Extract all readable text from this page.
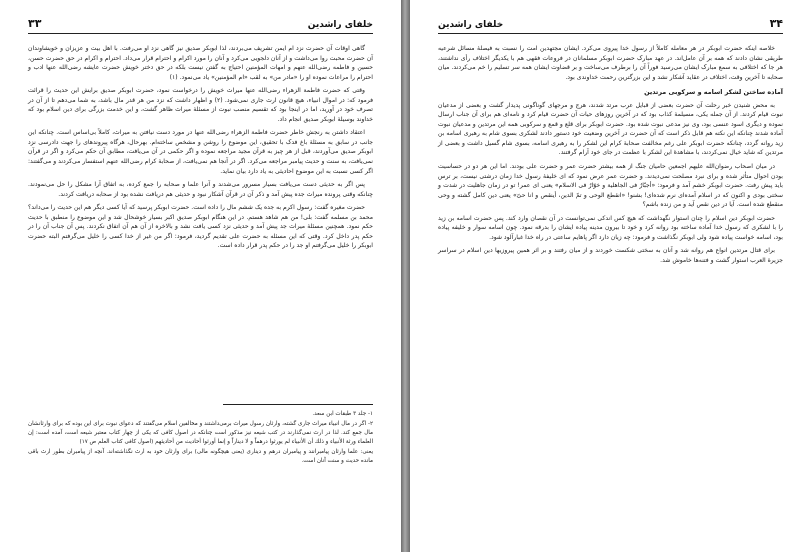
خلفای راشدین
۳۳

گاهی اوقات آن حضرت نزد ام ایمن تشریف می‌بردند، لذا ابوبکر صدیق نیز گاهی نزد او می‌رفت. با اهل بیت و عزیزان و خویشاوندان آن حضرت محبت روا می‌داشت و از آنان دلجویی می‌کرد و آنان را مورد اکرام و احترام قرار می‌داد. احترام و اکرام در حق حضرت حسن، حسین و فاطمه رضی‌الله عنهم و امهات المؤمنین احتیاج به گفتن نیست بلکه در حق دختر خویش حضرت عایشه رضی‌الله عنها ادب و احترام را مراعات نموده او را «مادر من» به لقب «ام المؤمنین» یاد می‌نمود. (۱)

وقتی که حضرت فاطمة الزهراء رضی‌الله عنها میراث خویش را درخواست نمود، حضرت ابوبکر صدیق برایش این حدیث را قرائت فرمود که: در اموال انبیاء، هیچ قانون ارث جاری نمی‌شود. (۲) و اظهار داشت که نزد من هر قدر مال باشد، به شما می‌دهم تا از آن در تصرف خود در آورید، اما در اینجا بود که تقسیم منصب نبوت از مسئلهٔ میراث ظاهر گشت، و این خدمت بزرگی برای دین اسلام بود که خداوند بوسیلهٔ ابوبکر صدیق انجام داد.

اعتقاد داشتن به رنجش خاطر حضرت فاطمة الزهراء رضی‌الله عنها در مورد دست نیافتن به میراث، کاملاً بی‌اساس است. چنانکه این جانب در سابق به مسئلهٔ باغ فدک با تحقیق، این موضوع را روشن و مشخص ساخته‌ام. بهرحال، هرگاه پیروندهای را جهت دادرسی نزد ابوبکر صدیق می‌آوردند، قبل از هر چیز به قرآن مجید مراجعه نموده و اگر حکمی در آن می‌یافت، مطابق آن حکم می‌کرد و اگر در قرآن نمی‌یافت، به سنت و حدیث پیامبر مراجعه می‌کرد. اگر در آنجا هم نمی‌یافت، از صحابهٔ کرام رضی‌الله عنهم استفسار می‌کردند و می‌گفتند: اگر کسی نسبت به این موضوع احادیثی به یاد دارد بیان نماید.

پس اگر به حدیثی دست می‌یافت بسیار مسرور می‌شدند و آنرا علما و صحابه را جمع کرده، به اتفاق آرا مشکل را حل می‌نمودند. چنانکه وقتی پرونده میراث جده پیش آمد و ذکر آن در قرآن آشکار نبود و حدیثی هم دریافت نشده بود از صحابه دریافت کردند.

حضرت مغیره گفت: رسول اکرم به جده یک ششم مال را داده است. حضرت ابوبکر پرسید که آیا کسی دیگر هم این حدیث را می‌داند؟ محمد بن مسلمه گفت: بلی! من هم شاهد هستم. در این هنگام ابوبکر صدیق اکبر بسیار خوشحال شد و این موضوع را منطبق با حدیث حکم نمود. همچنین مسئلهٔ میراث جد پیش آمد و حدیثی نزد کسی یافت نشد و بالاخره از آن هم آن اتفاق نکردند. پس آن جناب آن را در حکم پدر داخل کرد. وقتی که این مسئله به حضرت علی تقدیم گردید، فرمود: اگر من غیر از خدا کسی را خلیل می‌گرفتم البته حضرت ابوبکر را خلیل می‌گرفتم او جد را در حکم پدر قرار داده است.

۱- جلد ۳ طبقات ابن سعد.

۲- اگر در مال انبیاء میراث جاری گشته، وارثان رسول میراث برمی‌داشتند و مخالفین اسلام می‌گفتند که دعوای نبوت برای این بوده که برای وارثانشان مال جمع کند. لذا در ارث نمی‌گذارند در کتب شیعه نیز مذکور است چنانکه در اصول کافی که یکی از چهار کتاب معتبر شیعه است، آمده است: إن العلماء ورثة الأنبياء و ذلك أن الأنبياء لم يورثوا درهماً و لا ديناراً و إنما أورثوا أحاديث من أحاديثهم (اصول کافی کتاب العلم ص ۱۷)

یعنی: علما وارثان پیامبرانند و پیامبران درهم و دیناری (یعنی هیچگونه مالی) برای وارثان خود به ارث نگذاشته‌اند. آنچه از پیامبران بطور ارث باقی مانده حدیث و سنت آنان است.

۳۴
خلفای راشدین

خلاصه اینکه حضرت ابوبکر در هر معامله کاملاً از رسول خدا پیروی می‌کرد. ایشان مجتهدین امت را نسبت به فیصلهٔ مسائل شرعیه طریقی نشان دادند که همه بر آن عامل‌اند. در عهد مبارک حضرت ابوبکر مسلمانان در فروعات فقهی هم با یکدیگر اختلاف رأی نداشتند، هر جا که اختلافی به سمع مبارک ایشان می‌رسید فوراً آن را برطرف می‌ساخت و بر قضاوت ایشان همه سر تسلیم را خم می‌کردند. میان صحابه تا آخرین وقت، اختلاف در عقاید آشکار نشد و این بزرگترین رحمت خداوندی بود.

آماده ساختن لشکر اسامه و سرکوبی مرتدین

به محض شنیدن خبر رحلت آن حضرت بعضی از قبایل عرب مرتد شدند، هرج و مرجهای گوناگونی پدیدار گشت و بعضی از مدعیان نبوت قیام کردند. از آن جمله یکی، مسیلمهٔ کذاب بود که در آخرین روزهای حیات آن حضرت قیام کرد و نامه‌ای هم برای آن جناب ارسال نموده و دیگری اسود عنسی بود، وی نیز مدعی نبوت شده بود. حضرت ابوبکر برای قلع و قمع و سرکوبی همه این مرتدین و مدعیان نبوت آماده شدند چنانکه این نکته هم قابل ذکر است که آن حضرت در آخرین وضعیت خود دستور دادند لشکری بسوی شام به رهبری اسامه بن زید روانه گردد، چنانکه حضرت ابوبکر علی رغم مخالفت صحابهٔ کرام این لشکر را به رهبری اسامه، بسوی شام گسیل داشت و بعضی از مرتدین که شاید خیال نمی‌کردند، با مشاهدهٔ این لشکر با عظمت در جای خود آرام گرفتند.

در میان اصحاب رضوان‌الله علیهم اجمعین حامیان جنگ از همه بیشتر حضرت عمر و حضرت علی بودند. اما این هر دو در حساسیت بودن احوال متأثر شده و برای نبرد مصلحت نمی‌دیدند. و حضرت عمر عرض نمود که ای خلیفهٔ رسول خدا زمان درشتی نیست، بر ترس باید پیش رفت. حضرت ابوبکر خشم آمد و فرمود: «أجبّارٌ فی الجاهلیة و خوّارٌ فی الاسلام» یعنی ای عمر! تو در زمان جاهلیت در شدت و سختی بودی و اکنون که در اسلام آمده‌ای نرم شده‌ای! بشنو! «انقطع الوحی و تمّ الدین، أینقص و انا حیّ» یعنی دین کامل گشته و وحی منقطع شده است. آیا در دین نقص آید و من زنده باشم؟

حضرت ابوبکر دین اسلام را چنان استوار نگهداشت که هیچ کس اندکی نمی‌توانست در آن نقصان وارد کند. پس حضرت اسامه بن زید را با لشکری که رسول خدا آماده ساخته بود روانه کرد و خود تا بیرون مدینه پیاده ایشان را بدرقه نمود. چون اسامه سوار و خلیفه پیاده بود، اسامه خواست پیاده شود ولی ابوبکر نگذاشت و فرمود: چه زیان دارد اگر پاهایم ساعتی در راه خدا غبارآلود شود.

برای قتال مرتدین انواع هم روانه شد و آنان به سختی شکست خوردند و از میان رفتند و بر اثر همین پیروزیها دین اسلام در سراسر جزیرة العرب استوار گشت و فتنه‌ها خاموش شد.
